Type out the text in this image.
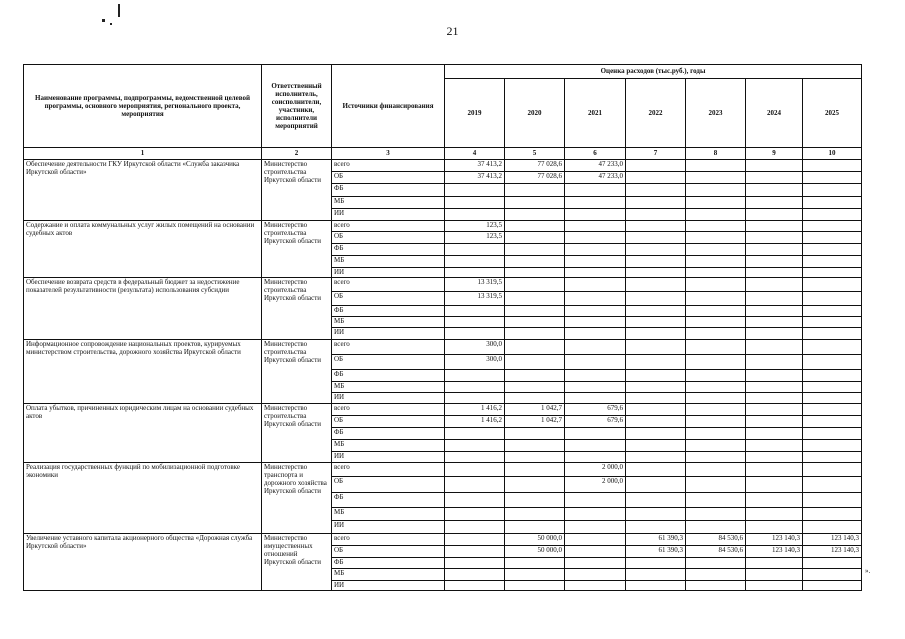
21
Наименование программы, подпрограммы, ведомственной целевой программы, основного мероприятия, регионального проекта, мероприятия	Ответственный исполнитель, соисполнители, участники, исполнители мероприятий	Источники финансирования	Оценка расходов (тыс.руб.), годы						
			2019	2020	2021	2022	2023	2024	2025
1	2	3	4	5	6	7	8	9	10
Обеспечение деятельности ГКУ Иркутской области «Служба заказчика Иркутской области»	Министерство строительства Иркутской области	всего	37 413,2	77 028,6	47 233,0				
		ОБ	37 413,2	77 028,6	47 233,0				
		ФБ							
		МБ							
		ИИ							
Содержание и оплата коммунальных услуг жилых помещений на основании судебных актов	Министерство строительства Иркутской области	всего	123,5						
		ОБ	123,5						
		ФБ							
		МБ							
		ИИ							
Обеспечение возврата средств в федеральный бюджет за недостижение показателей результативности (результата) использования субсидии	Министерство строительства Иркутской области	всего	13 319,5						
		ОБ	13 319,5						
		ФБ							
		МБ							
		ИИ							
Информационное сопровождение национальных проектов, курируемых министерством строительства, дорожного хозяйства Иркутской области	Министерство строительства Иркутской области	всего	300,0						
		ОБ	300,0						
		ФБ							
		МБ							
		ИИ							
Оплата убытков, причиненных юридическим лицам на основании судебных актов	Министерство строительства Иркутской области	всего	1 416,2	1 042,7	679,6				
		ОБ	1 416,2	1 042,7	679,6				
		ФБ							
		МБ							
		ИИ							
Реализация государственных функций по мобилизационной подготовке экономики	Министерство транспорта и дорожного хозяйства Иркутской области	всего			2 000,0				
		ОБ			2 000,0				
		ФБ							
		МБ							
		ИИ							
Увеличение уставного капитала акционерного общества «Дорожная служба Иркутской области»	Министерство имущественных отношений Иркутской области	всего		50 000,0		61 390,3	84 530,6	123 140,3	123 140,3
		ОБ		50 000,0		61 390,3	84 530,6	123 140,3	123 140,3
		ФБ							
		МБ							
		ИИ							
».
